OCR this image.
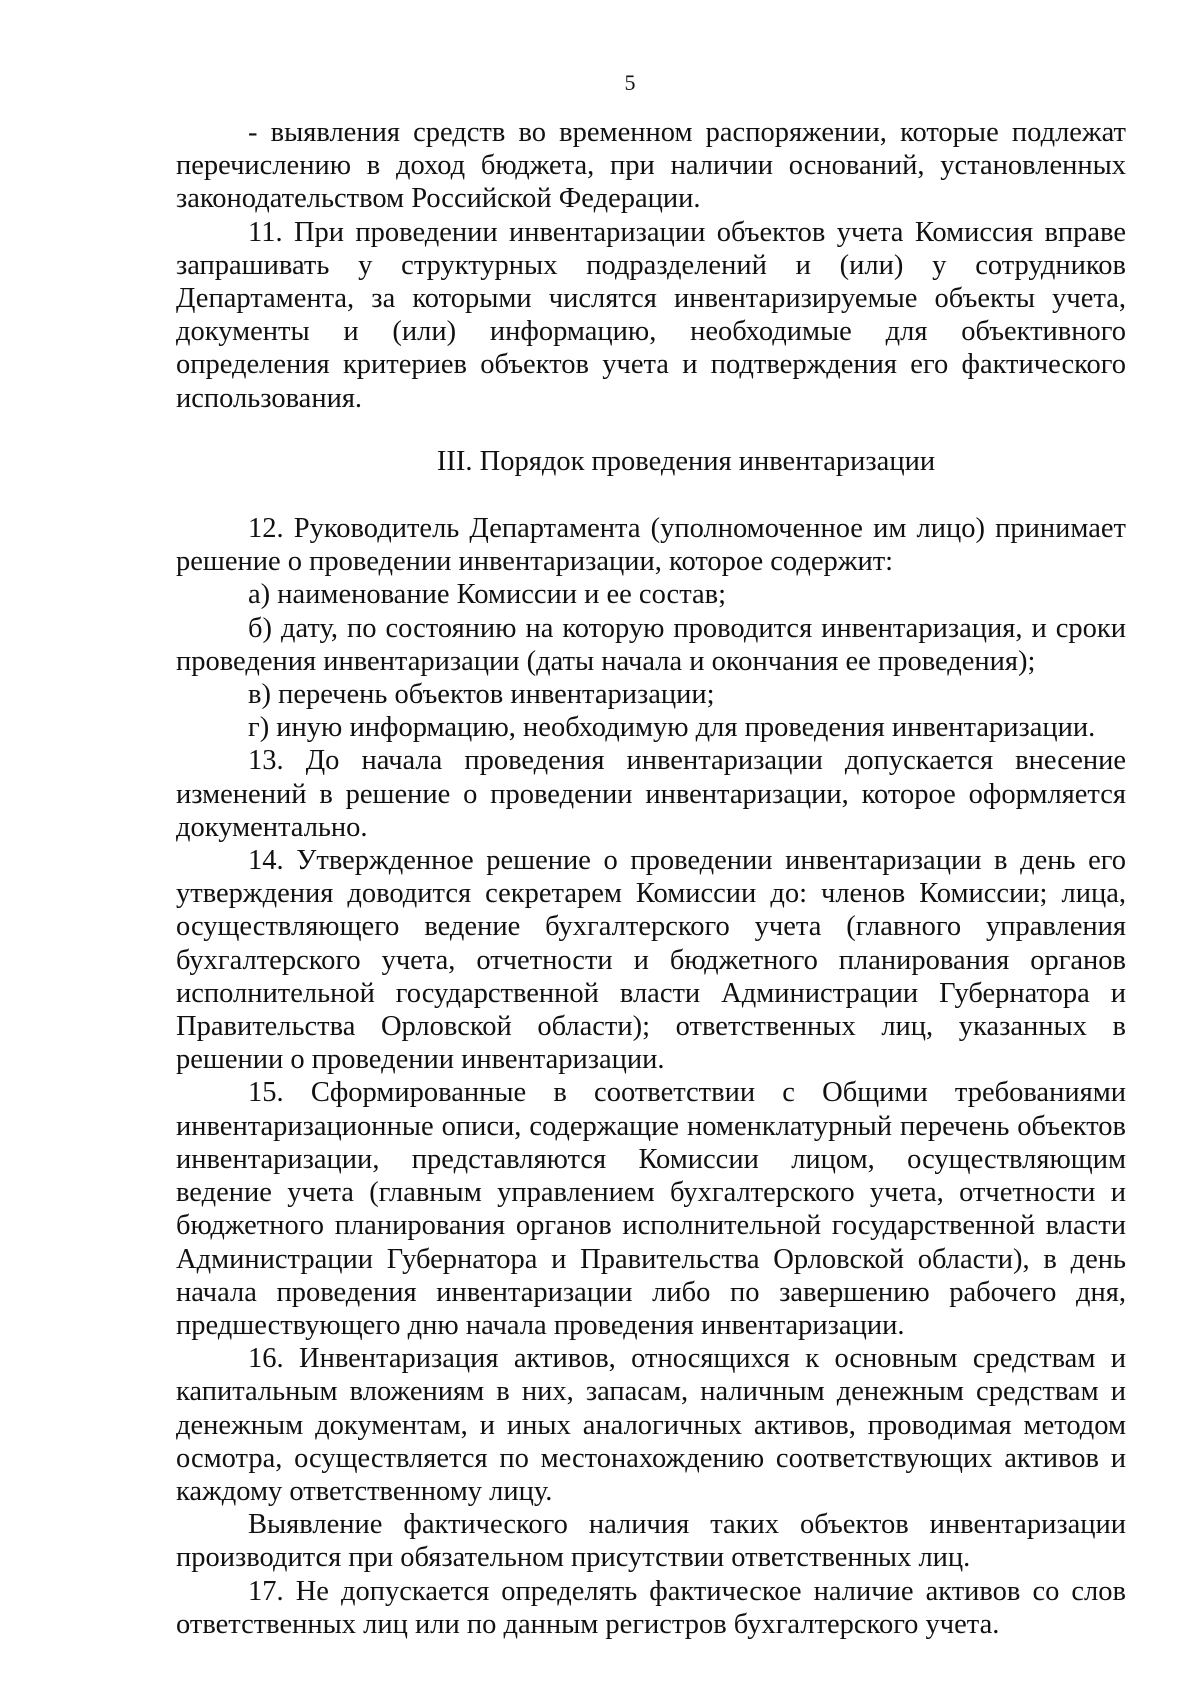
5

- выявления средств во временном распоряжении, которые подлежат перечислению в доход бюджета, при наличии оснований, установленных законодательством Российской Федерации.

11. При проведении инвентаризации объектов учета Комиссия вправе запрашивать у структурных подразделений и (или) у сотрудников Департамента, за которыми числятся инвентаризируемые объекты учета, документы и (или) информацию, необходимые для объективного определения критериев объектов учета и подтверждения его фактического использования.

III. Порядок проведения инвентаризации

12. Руководитель Департамента (уполномоченное им лицо) принимает решение о проведении инвентаризации, которое содержит:

а) наименование Комиссии и ее состав;

б) дату, по состоянию на которую проводится инвентаризация, и сроки проведения инвентаризации (даты начала и окончания ее проведения);

в) перечень объектов инвентаризации;

г) иную информацию, необходимую для проведения инвентаризации.

13. До начала проведения инвентаризации допускается внесение изменений в решение о проведении инвентаризации, которое оформляется документально.

14. Утвержденное решение о проведении инвентаризации в день его утверждения доводится секретарем Комиссии до: членов Комиссии; лица, осуществляющего ведение бухгалтерского учета (главного управления бухгалтерского учета, отчетности и бюджетного планирования органов исполнительной государственной власти Администрации Губернатора и Правительства Орловской области); ответственных лиц, указанных в решении о проведении инвентаризации.

15. Сформированные в соответствии с Общими требованиями инвентаризационные описи, содержащие номенклатурный перечень объектов инвентаризации, представляются Комиссии лицом, осуществляющим ведение учета (главным управлением бухгалтерского учета, отчетности и бюджетного планирования органов исполнительной государственной власти Администрации Губернатора и Правительства Орловской области), в день начала проведения инвентаризации либо по завершению рабочего дня, предшествующего дню начала проведения инвентаризации.

16. Инвентаризация активов, относящихся к основным средствам и капитальным вложениям в них, запасам, наличным денежным средствам и денежным документам, и иных аналогичных активов, проводимая методом осмотра, осуществляется по местонахождению соответствующих активов и каждому ответственному лицу.

Выявление фактического наличия таких объектов инвентаризации производится при обязательном присутствии ответственных лиц.

17. Не допускается определять фактическое наличие активов со слов ответственных лиц или по данным регистров бухгалтерского учета.
